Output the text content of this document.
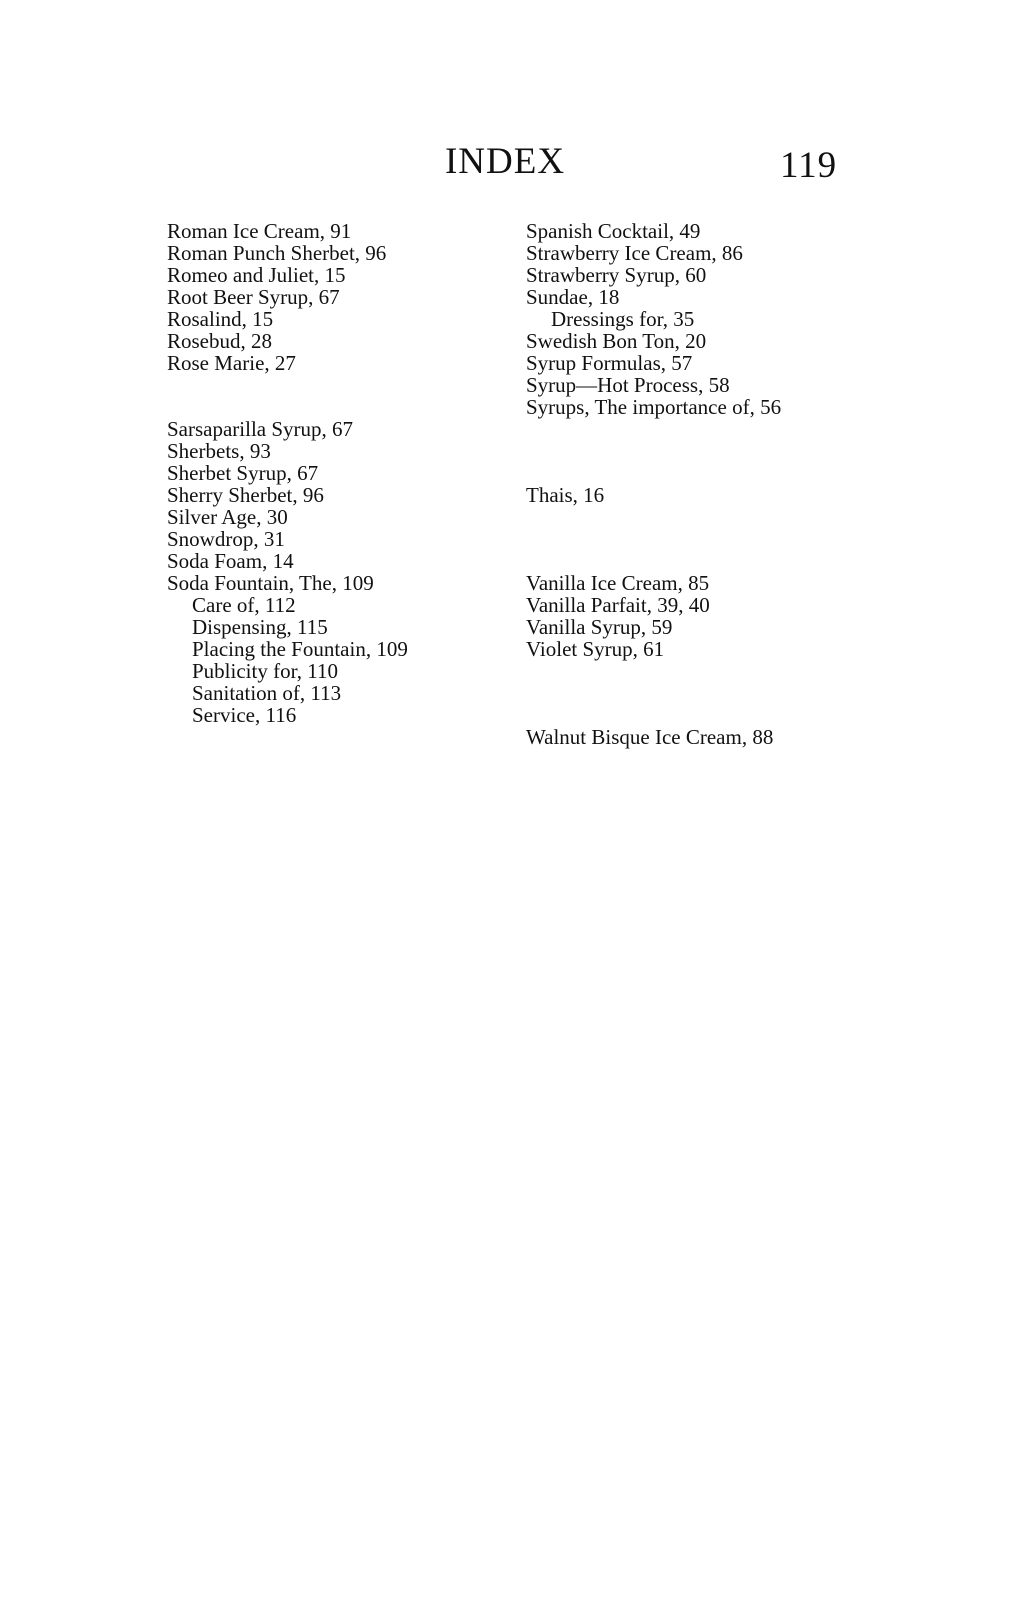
INDEX	119
Roman Ice Cream, 91
Roman Punch Sherbet, 96
Romeo and Juliet, 15
Root Beer Syrup, 67
Rosalind, 15
Rosebud, 28
Rose Marie, 27
Sarsaparilla Syrup, 67
Sherbets, 93
Sherbet Syrup, 67
Sherry Sherbet, 96
Silver Age, 30
Snowdrop, 31
Soda Foam, 14
Soda Fountain, The, 109
Care of, 112
Dispensing, 115
Placing the Fountain, 109
Publicity for, 110
Sanitation of, 113
Service, 116
Spanish Cocktail, 49
Strawberry Ice Cream, 86
Strawberry Syrup, 60
Sundae, 18
Dressings for, 35
Swedish Bon Ton, 20
Syrup Formulas, 57
Syrup—Hot Process, 58
Syrups, The importance of, 56
Thais, 16
Vanilla Ice Cream, 85
Vanilla Parfait, 39, 40
Vanilla Syrup, 59
Violet Syrup, 61
Walnut Bisque Ice Cream, 88
